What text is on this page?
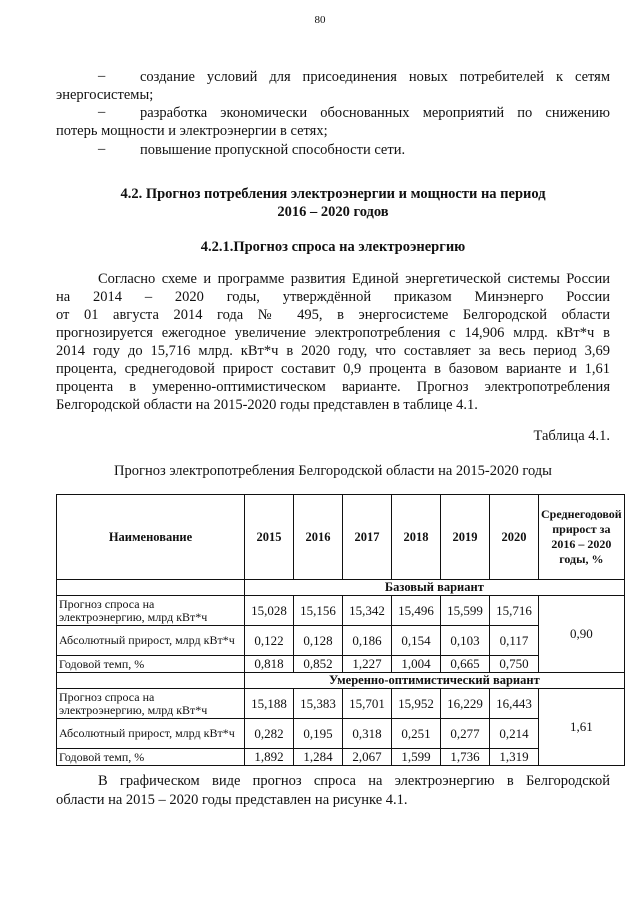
80
– создание условий для присоединения новых потребителей к сетям
энергосистемы;
– разработка экономически обоснованных мероприятий по снижению
потерь мощности и электроэнергии в сетях;
– повышение пропускной способности сети.
4.2. Прогноз потребления электроэнергии и мощности на период
2016 – 2020 годов
4.2.1.Прогноз спроса на электроэнергию
Согласно схеме и программе развития Единой энергетической системы России
на 2014 – 2020 годы, утверждённой приказом Минэнерго России
от 01 августа 2014 года № 495, в энергосистеме Белгородской области
прогнозируется ежегодное увеличение электропотребления с 14,906 млрд. кВт*ч в
2014 году до 15,716 млрд. кВт*ч в 2020 году, что составляет за весь период 3,69
процента, среднегодовой прирост составит 0,9 процента в базовом варианте и 1,61
процента в умеренно-оптимистическом варианте. Прогноз электропотребления
Белгородской области на 2015-2020 годы представлен в таблице 4.1.
Таблица 4.1.
Прогноз электропотребления Белгородской области на 2015-2020 годы
Наименование	2015	2016	2017	2018	2019	2020	Среднегодовой прирост за 2016 – 2020 годы, %
	Базовый вариант						
Прогноз спроса на электроэнергию, млрд кВт*ч	15,028	15,156	15,342	15,496	15,599	15,716	0,90
Абсолютный прирост, млрд кВт*ч	0,122	0,128	0,186	0,154	0,103	0,117	
Годовой темп, %	0,818	0,852	1,227	1,004	0,665	0,750	
	Умеренно-оптимистический вариант						
Прогноз спроса на электроэнергию, млрд кВт*ч	15,188	15,383	15,701	15,952	16,229	16,443	1,61
Абсолютный прирост, млрд кВт*ч	0,282	0,195	0,318	0,251	0,277	0,214	
Годовой темп, %	1,892	1,284	2,067	1,599	1,736	1,319	
В графическом виде прогноз спроса на электроэнергию в Белгородской
области на 2015 – 2020 годы представлен на рисунке 4.1.
